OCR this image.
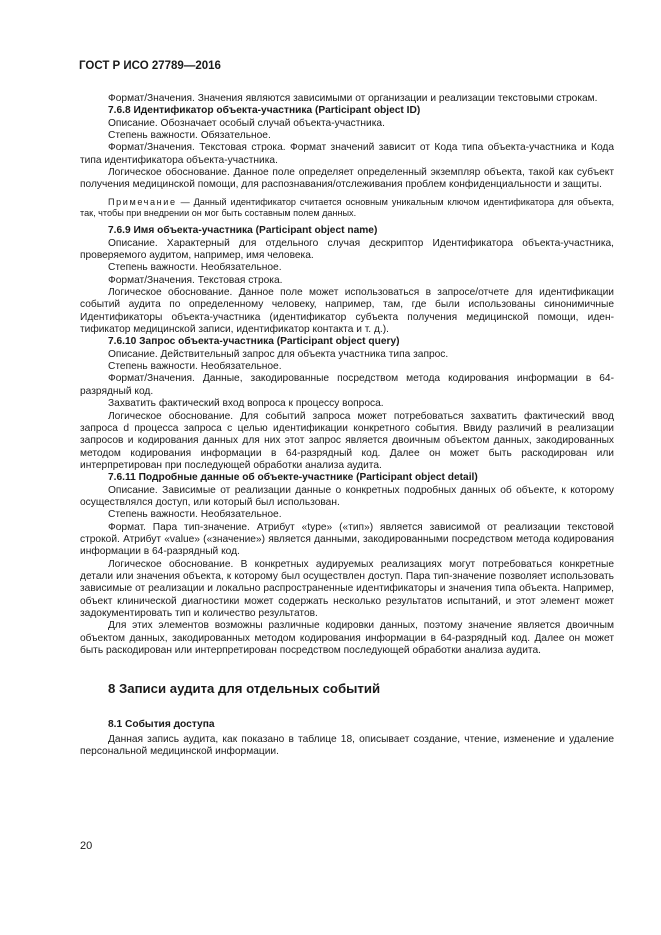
ГОСТ Р ИСО 27789—2016

Формат/Значения. Значения являются зависимыми от организации и реализации текстовыми строкам.

7.6.8 Идентификатор объекта-участника (Participant object ID)

Описание. Обозначает особый случай объекта-участника.

Степень важности. Обязательное.

Формат/Значения. Текстовая строка. Формат значений зависит от Кода типа объекта-участника и Кода типа идентификатора объекта-участника.

Логическое обоснование. Данное поле определяет определенный экземпляр объекта, такой как субъект получения медицинской помощи, для распознавания/отслеживания проблем конфиденциальности и защиты.

Примечание — Данный идентификатор считается основным уникальным ключом идентификатора для объекта, так, чтобы при внедрении он мог быть составным полем данных.

7.6.9 Имя объекта-участника (Participant object name)

Описание. Характерный для отдельного случая дескриптор Идентификатора объекта-участника, проверяемого аудитом, например, имя человека.

Степень важности. Необязательное.

Формат/Значения. Текстовая строка.

Логическое обоснование. Данное поле может использоваться в запросе/отчете для идентификации событий аудита по определенному человеку, например, там, где были использованы синонимичные Идентификаторы объекта-участника (идентификатор субъекта получения медицинской помощи, идентификатор медицинской записи, идентификатор контакта и т. д.).

7.6.10 Запрос объекта-участника (Participant object query)

Описание. Действительный запрос для объекта участника типа запрос.

Степень важности. Необязательное.

Формат/Значения. Данные, закодированные посредством метода кодирования информации в 64-разрядный код.

Захватить фактический вход вопроса к процессу вопроса.

Логическое обоснование. Для событий запроса может потребоваться захватить фактический ввод запроса d процесса запроса с целью идентификации конкретного события. Ввиду различий в реализации запросов и кодирования данных для них этот запрос является двоичным объектом данных, закодированных методом кодирования информации в 64-разрядный код. Далее он может быть раскодирован или интерпретирован при последующей обработки анализа аудита.

7.6.11 Подробные данные об объекте-участнике (Participant object detail)

Описание. Зависимые от реализации данные о конкретных подробных данных об объекте, к которому осуществлялся доступ, или который был использован.

Степень важности. Необязательное.

Формат. Пара тип-значение. Атрибут «type» («тип») является зависимой от реализации текстовой строкой. Атрибут «value» («значение») является данными, закодированными посредством метода кодирования информации в 64-разрядный код.

Логическое обоснование. В конкретных аудируемых реализациях могут потребоваться конкретные детали или значения объекта, к которому был осуществлен доступ. Пара тип-значение позволяет использовать зависимые от реализации и локально распространенные идентификаторы и значения типа объекта. Например, объект клинической диагностики может содержать несколько результатов испытаний, и этот элемент может задокументировать тип и количество результатов.

Для этих элементов возможны различные кодировки данных, поэтому значение является двоичным объектом данных, закодированных методом кодирования информации в 64-разрядный код. Далее он может быть раскодирован или интерпретирован посредством последующей обработки анализа аудита.

8 Записи аудита для отдельных событий

8.1 События доступа

Данная запись аудита, как показано в таблице 18, описывает создание, чтение, изменение и удаление персональной медицинской информации.

20
